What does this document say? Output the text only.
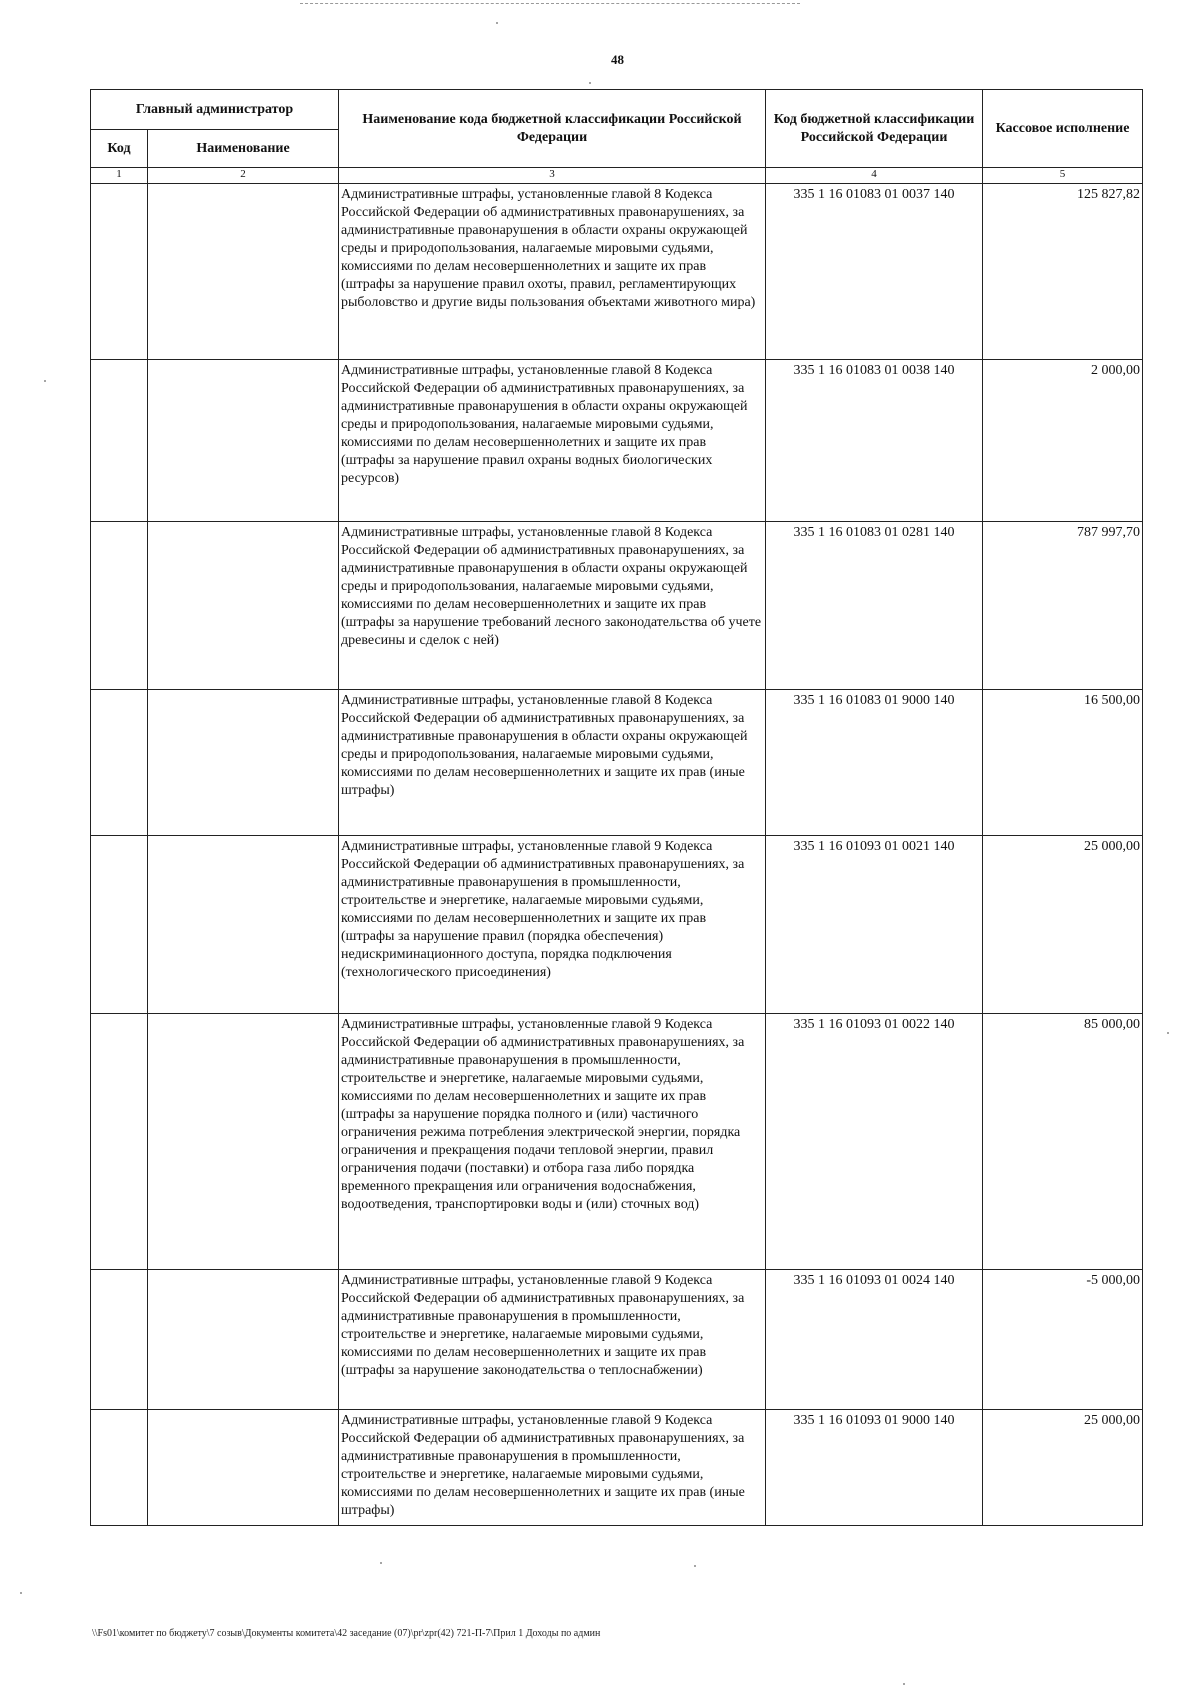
48
Главный администратор		Наименование кода бюджетной классификации Российской Федерации	Код бюджетной классификации Российской Федерации	Кассовое исполнение
Код	Наименование			
1	2	3	4	5
		Административные штрафы, установленные главой 8 Кодекса Российской Федерации об административных правонарушениях, за административные правонарушения в области охраны окружающей среды и природопользования, налагаемые мировыми судьями, комиссиями по делам несовершеннолетних и защите их прав (штрафы за нарушение правил охоты, правил, регламентирующих рыболовство и другие виды пользования объектами животного мира)	335 1 16 01083 01 0037 140	125 827,82
		Административные штрафы, установленные главой 8 Кодекса Российской Федерации об административных правонарушениях, за административные правонарушения в области охраны окружающей среды и природопользования, налагаемые мировыми судьями, комиссиями по делам несовершеннолетних и защите их прав (штрафы за нарушение правил охраны водных биологических ресурсов)	335 1 16 01083 01 0038 140	2 000,00
		Административные штрафы, установленные главой 8 Кодекса Российской Федерации об административных правонарушениях, за административные правонарушения в области охраны окружающей среды и природопользования, налагаемые мировыми судьями, комиссиями по делам несовершеннолетних и защите их прав (штрафы за нарушение требований лесного законодательства об учете древесины и сделок с ней)	335 1 16 01083 01 0281 140	787 997,70
		Административные штрафы, установленные главой 8 Кодекса Российской Федерации об административных правонарушениях, за административные правонарушения в области охраны окружающей среды и природопользования, налагаемые мировыми судьями, комиссиями по делам несовершеннолетних и защите их прав (иные штрафы)	335 1 16 01083 01 9000 140	16 500,00
		Административные штрафы, установленные главой 9 Кодекса Российской Федерации об административных правонарушениях, за административные правонарушения в промышленности, строительстве и энергетике, налагаемые мировыми судьями, комиссиями по делам несовершеннолетних и защите их прав (штрафы за нарушение правил (порядка обеспечения) недискриминационного доступа, порядка подключения (технологического присоединения)	335 1 16 01093 01 0021 140	25 000,00
		Административные штрафы, установленные главой 9 Кодекса Российской Федерации об административных правонарушениях, за административные правонарушения в промышленности, строительстве и энергетике, налагаемые мировыми судьями, комиссиями по делам несовершеннолетних и защите их прав (штрафы за нарушение порядка полного и (или) частичного ограничения режима потребления электрической энергии, порядка ограничения и прекращения подачи тепловой энергии, правил ограничения подачи (поставки) и отбора газа либо порядка временного прекращения или ограничения водоснабжения, водоотведения, транспортировки воды и (или) сточных вод)	335 1 16 01093 01 0022 140	85 000,00
		Административные штрафы, установленные главой 9 Кодекса Российской Федерации об административных правонарушениях, за административные правонарушения в промышленности, строительстве и энергетике, налагаемые мировыми судьями, комиссиями по делам несовершеннолетних и защите их прав (штрафы за нарушение законодательства о теплоснабжении)	335 1 16 01093 01 0024 140	-5 000,00
		Административные штрафы, установленные главой 9 Кодекса Российской Федерации об административных правонарушениях, за административные правонарушения в промышленности, строительстве и энергетике, налагаемые мировыми судьями, комиссиями по делам несовершеннолетних и защите их прав (иные штрафы)	335 1 16 01093 01 9000 140	25 000,00
\\Fs01\комитет по бюджету\7 созыв\Документы комитета\42 заседание (07)\pr\zpr(42) 721-П-7\Прил 1 Доходы по админ
